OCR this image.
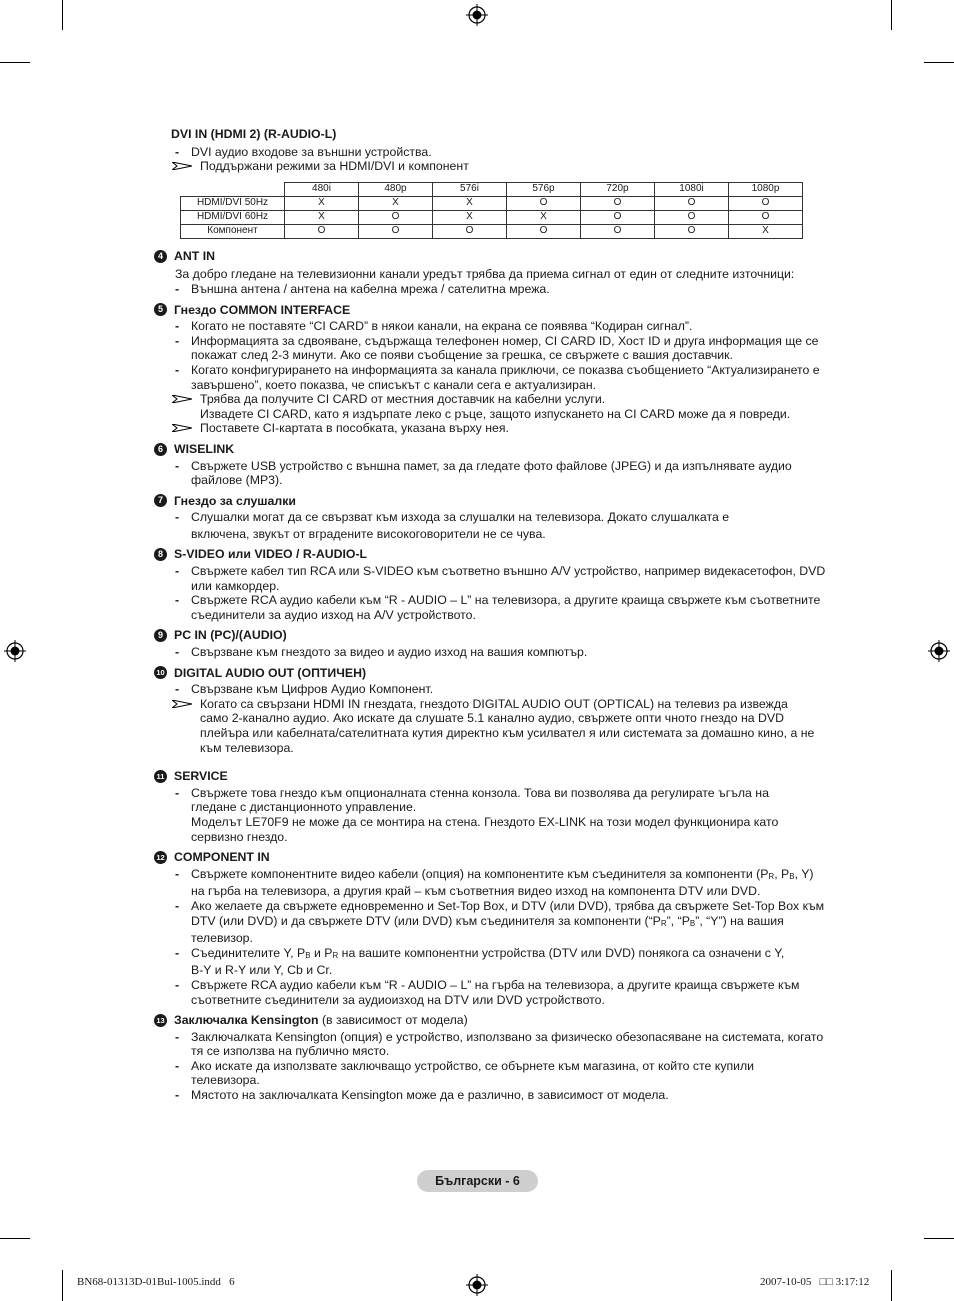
DVI IN (HDMI 2) (R-AUDIO-L)
- DVI аудио входове за външни устройства.
Поддържани режими за HDMI/DVI и компонент
	480i	480p	576i	576p	720p	1080i	1080p
HDMI/DVI 50Hz	X	X	X	O	O	O	O
HDMI/DVI 60Hz	X	O	X	X	O	O	O
Компонент	O	O	O	O	O	O	X
4 ANT IN
За добро гледане на телевизионни канали уредът трябва да приема сигнал от един от следните източници:
- Външна антена / антена на кабелна мрежа / сателитна мрежа.
5 Гнездо COMMON INTERFACE
- Когато не поставяте “CI CARD” в някои канали, на екрана се появява “Кодиран сигнал”.
- Информацията за сдвояване, съдържаща телефонен номер, CI CARD ID, Хост ID и друга информация ще се покажат след 2-3 минути. Ако се появи съобщение за грешка, се свържете с вашия доставчик.
- Когато конфигурирането на информацията за канала приключи, се показва съобщението “Актуализирането е завършено”, което показва, че списъкът с канали сега е актуализиран.
Трябва да получите CI CARD от местния доставчик на кабелни услуги.
Извадете CI CARD, като я издърпате леко с ръце, защото изпускането на CI CARD може да я повреди.
Поставете CI-картата в пособката, указана върху нея.
6 WISELINK
- Свържете USB устройство с външна памет, за да гледате фото файлове (JPEG) и да изпълнявате аудио файлове (MP3).
7 Гнездо за слушалки
- Слушалки могат да се свързват към изхода за слушалки на телевизора. Докато слушалката е
включена, звукът от вградените високоговорители не се чува.
8 S-VIDEO или VIDEO / R-AUDIO-L
- Свържете кабел тип RCA или S-VIDEO към съответно външно A/V устройство, например видекасетофон, DVD или камкордер.
- Свържете RCA аудио кабели към “R - AUDIO – L” на телевизора, а другите краища свържете към съответните съединители за аудио изход на A/V устройството.
9 PC IN (PC)/(AUDIO)
- Свързване към гнездото за видео и аудио изход на вашия компютър.
10 DIGITAL AUDIO OUT (ОПТИЧЕН)
- Свързване към Цифров Аудио Компонент.
Когато са свързани HDMI IN гнездата, гнездото DIGITAL AUDIO OUT (OPTICAL) на телевиз ра извежда само 2-канално аудио. Ако искате да слушате 5.1 канално аудио, свържете опти чното гнездо на DVD плейъра или кабелната/сателитната кутия директно към усилвател я или системата за домашно кино, а не към телевизора.
11 SERVICE
- Свържете това гнездо към опционалната стенна конзола. Това ви позволява да регулирате ъгъла на гледане с дистанционното управление.
Моделът LE70F9 не може да се монтира на стена. Гнездото EX-LINK на този модел функционира като сервизно гнездо.
12 COMPONENT IN
- Свържете компонентните видео кабели (опция) на компонентите към съединителя за компоненти ($P_R$, $P_B$, Y) на гърба на телевизора, а другия край – към съответния видео изход на компонента DTV или DVD.
- Ако желаете да свържете едновременно и Set-Top Box, и DTV (или DVD), трябва да свържете Set-Top Box към DTV (или DVD) и да свържете DTV (или DVD) към съединителя за компоненти (“$P_R$”, “$P_B$”, “Y”) на вашия телевизор.
- Съединителите Y, $P_B$ и $P_R$ на вашите компонентни устройства (DTV или DVD) понякога са означени с Y, B-Y и R-Y или Y, Cb и Cr.
- Свържете RCA аудио кабели към “R - AUDIO – L” на гърба на телевизора, а другите краища свържете към съответните съединители за аудиоизход на DTV или DVD устройството.
13 Заключалка Kensington (в зависимост от модела)
- Заключалката Kensington (опция) е устройство, използвано за физическо обезопасяване на системата, когато тя се използва на публично място.
- Ако искате да използвате заключващо устройство, се обърнете към магазина, от който сте купили телевизора.
- Мястото на заключалката Kensington може да е различно, в зависимост от модела.
Български - 6
BN68-01313D-01Bul-1005.indd   6	2007-10-05   □□ 3:17:12
